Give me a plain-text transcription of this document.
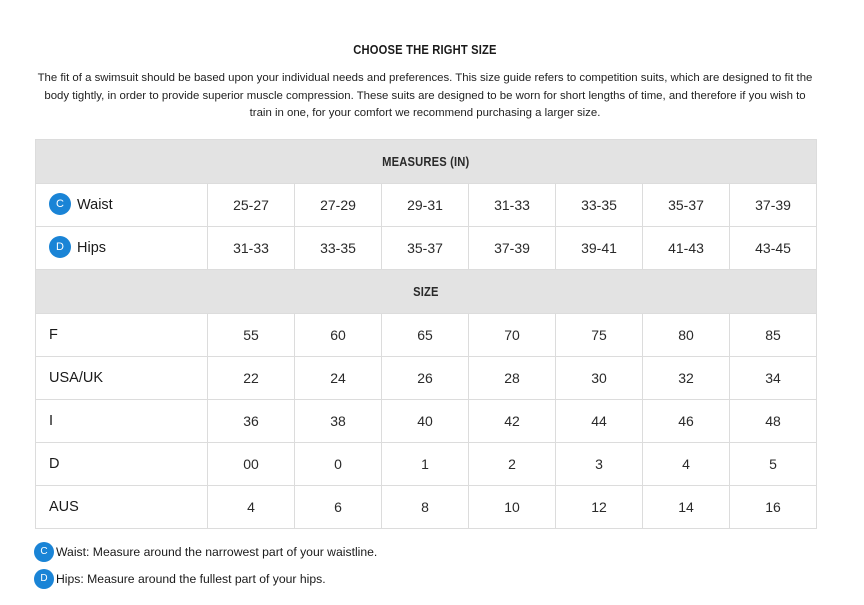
CHOOSE THE RIGHT SIZE
The fit of a swimsuit should be based upon your individual needs and preferences. This size guide refers to competition suits, which are designed to fit the body tightly, in order to provide superior muscle compression. These suits are designed to be worn for short lengths of time, and therefore if you wish to train in one, for your comfort we recommend purchasing a larger size.
MEASURES (IN)							
C Waist	25-27	27-29	29-31	31-33	33-35	35-37	37-39
D Hips	31-33	33-35	35-37	37-39	39-41	41-43	43-45
SIZE							
F	55	60	65	70	75	80	85
USA/UK	22	24	26	28	30	32	34
I	36	38	40	42	44	46	48
D	00	0	1	2	3	4	5
AUS	4	6	8	10	12	14	16
C Waist: Measure around the narrowest part of your waistline.
D Hips: Measure around the fullest part of your hips.
